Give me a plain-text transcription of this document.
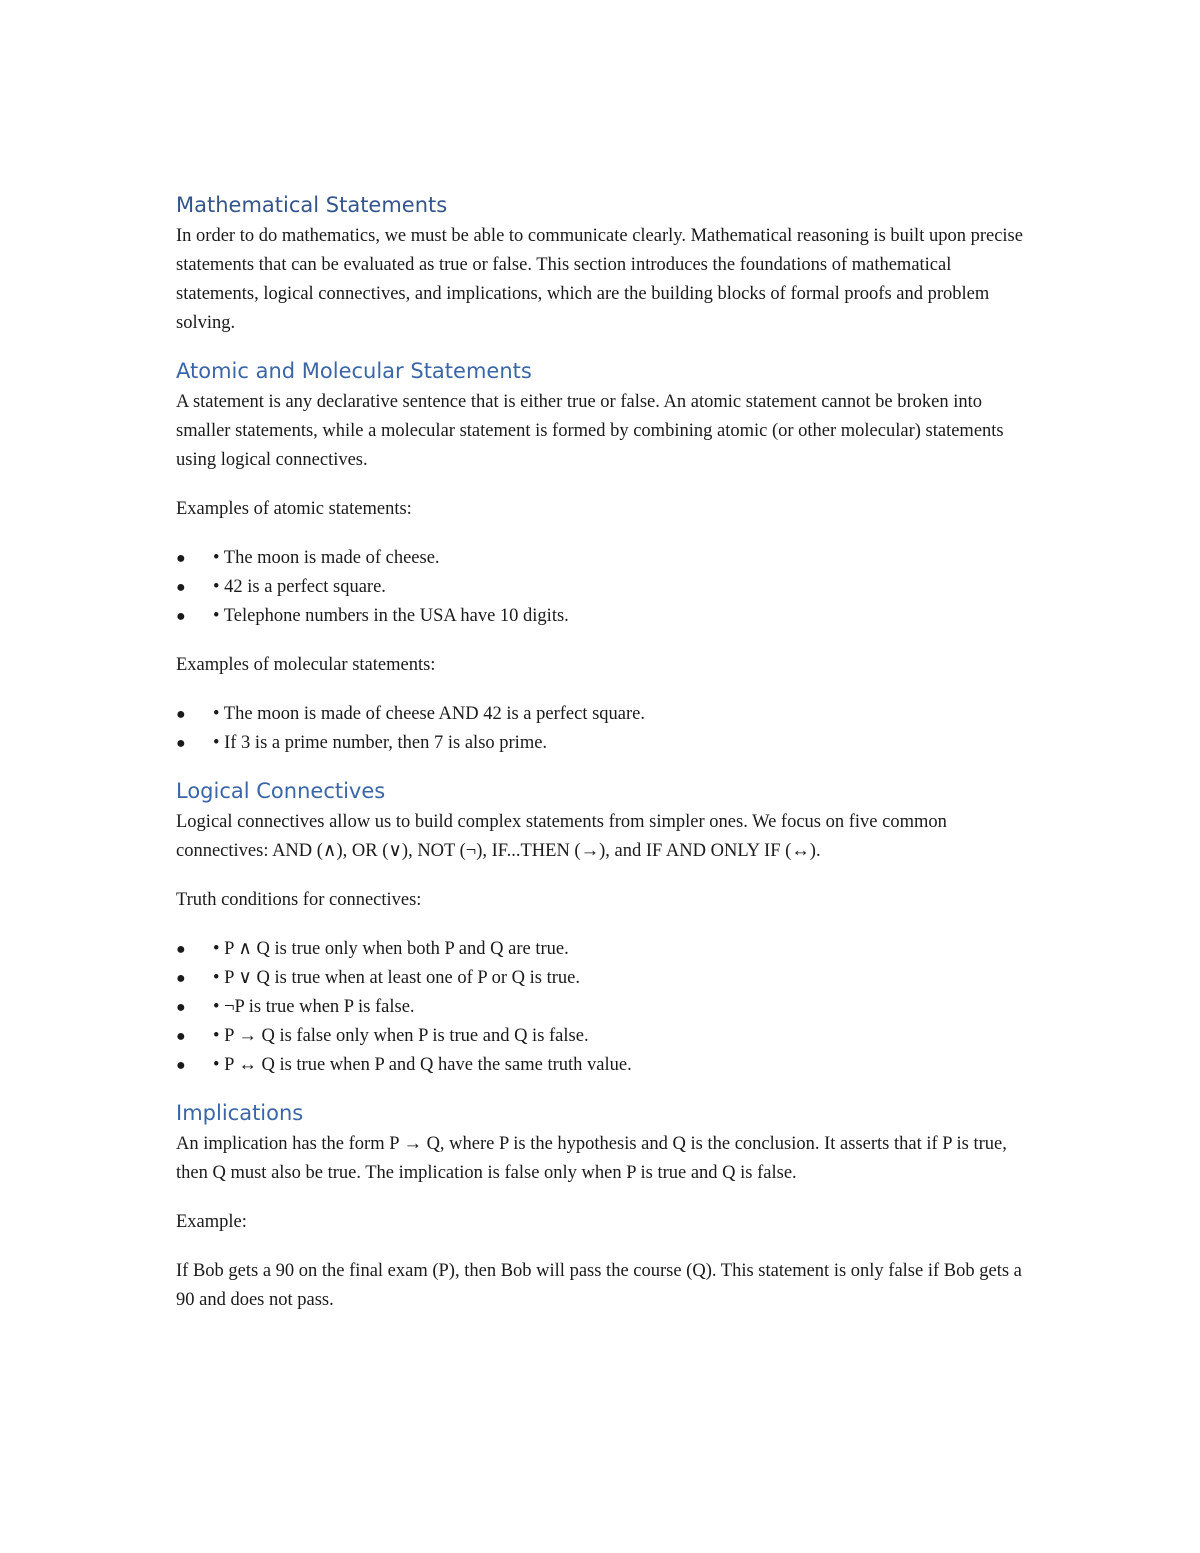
Mathematical Statements

In order to do mathematics, we must be able to communicate clearly. Mathematical reasoning is built upon precise statements that can be evaluated as true or false. This section introduces the foundations of mathematical statements, logical connectives, and implications, which are the building blocks of formal proofs and problem solving.

Atomic and Molecular Statements

A statement is any declarative sentence that is either true or false. An atomic statement cannot be broken into smaller statements, while a molecular statement is formed by combining atomic (or other molecular) statements using logical connectives.

Examples of atomic statements:

● • The moon is made of cheese.
● • 42 is a perfect square.
● • Telephone numbers in the USA have 10 digits.

Examples of molecular statements:

● • The moon is made of cheese AND 42 is a perfect square.
● • If 3 is a prime number, then 7 is also prime.
Logical Connectives

Logical connectives allow us to build complex statements from simpler ones. We focus on five common connectives: AND (∧), OR (∨), NOT (¬), IF...THEN (→), and IF AND ONLY IF (↔).

Truth conditions for connectives:

● • P ∧ Q is true only when both P and Q are true.
● • P ∨ Q is true when at least one of P or Q is true.
● • ¬P is true when P is false.
● • P → Q is false only when P is true and Q is false.
● • P ↔ Q is true when P and Q have the same truth value.
Implications

An implication has the form P → Q, where P is the hypothesis and Q is the conclusion. It asserts that if P is true, then Q must also be true. The implication is false only when P is true and Q is false.

Example:

If Bob gets a 90 on the final exam (P), then Bob will pass the course (Q). This statement is only false if Bob gets a 90 and does not pass.
